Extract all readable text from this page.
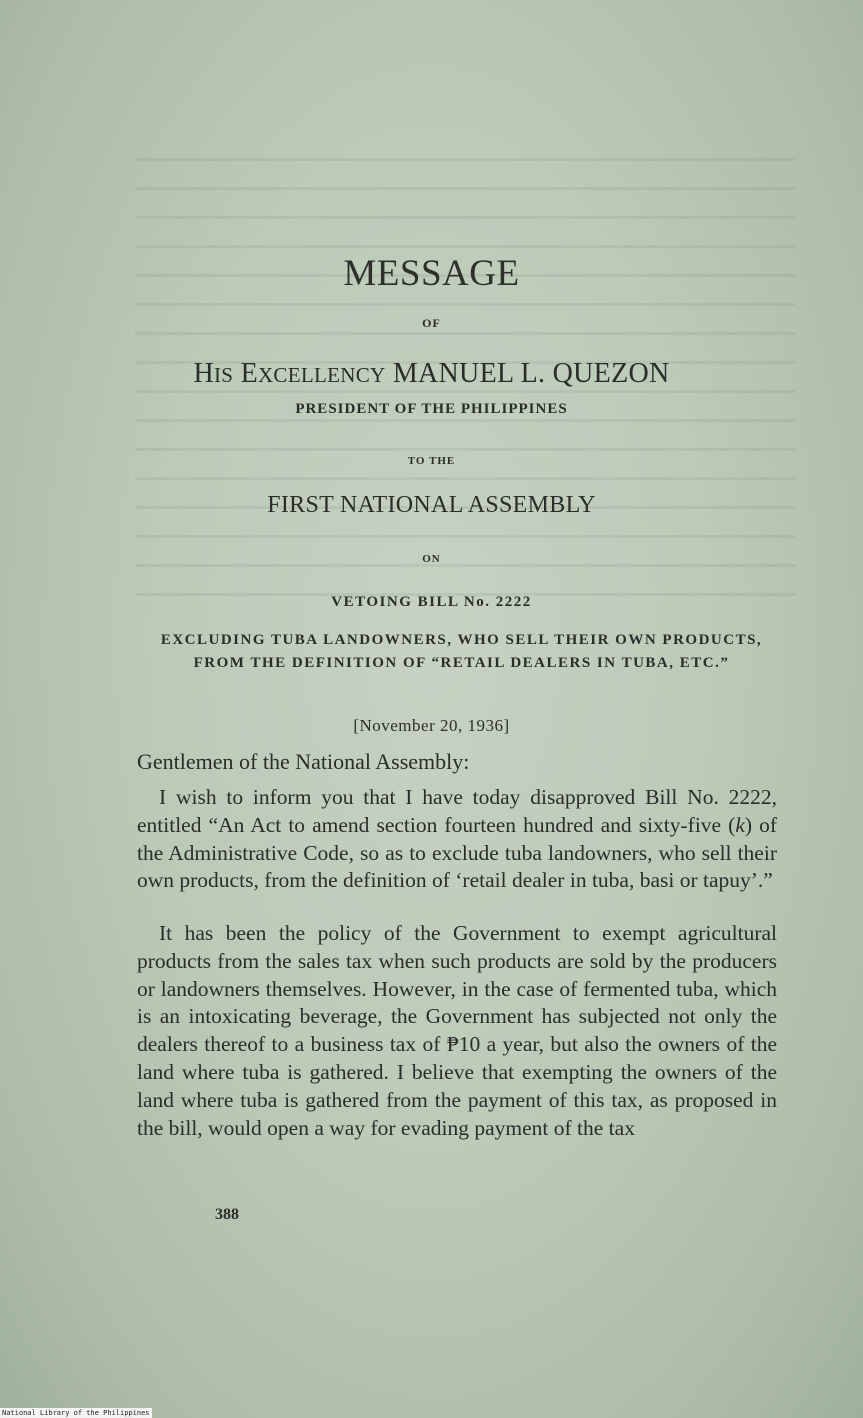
MESSAGE
OF
HIS EXCELLENCY MANUEL L. QUEZON
PRESIDENT OF THE PHILIPPINES
TO THE
FIRST NATIONAL ASSEMBLY
ON
VETOING BILL No. 2222
EXCLUDING TUBA LANDOWNERS, WHO SELL THEIR OWN PRODUCTS, FROM THE DEFINITION OF “RETAIL DEALERS IN TUBA, ETC.”
[November 20, 1936]
Gentlemen of the National Assembly:
I wish to inform you that I have today disapproved Bill No. 2222, entitled “An Act to amend section fourteen hundred and sixty-five (k) of the Administrative Code, so as to exclude tuba landowners, who sell their own products, from the definition of ‘retail dealer in tuba, basi or tapuy’.”
It has been the policy of the Government to exempt agricultural products from the sales tax when such products are sold by the producers or landowners themselves. However, in the case of fermented tuba, which is an intoxicating beverage, the Government has subjected not only the dealers thereof to a business tax of ₱10 a year, but also the owners of the land where tuba is gathered. I believe that exempting the owners of the land where tuba is gathered from the payment of this tax, as proposed in the bill, would open a way for evading payment of the tax
388
National Library of the Philippines
